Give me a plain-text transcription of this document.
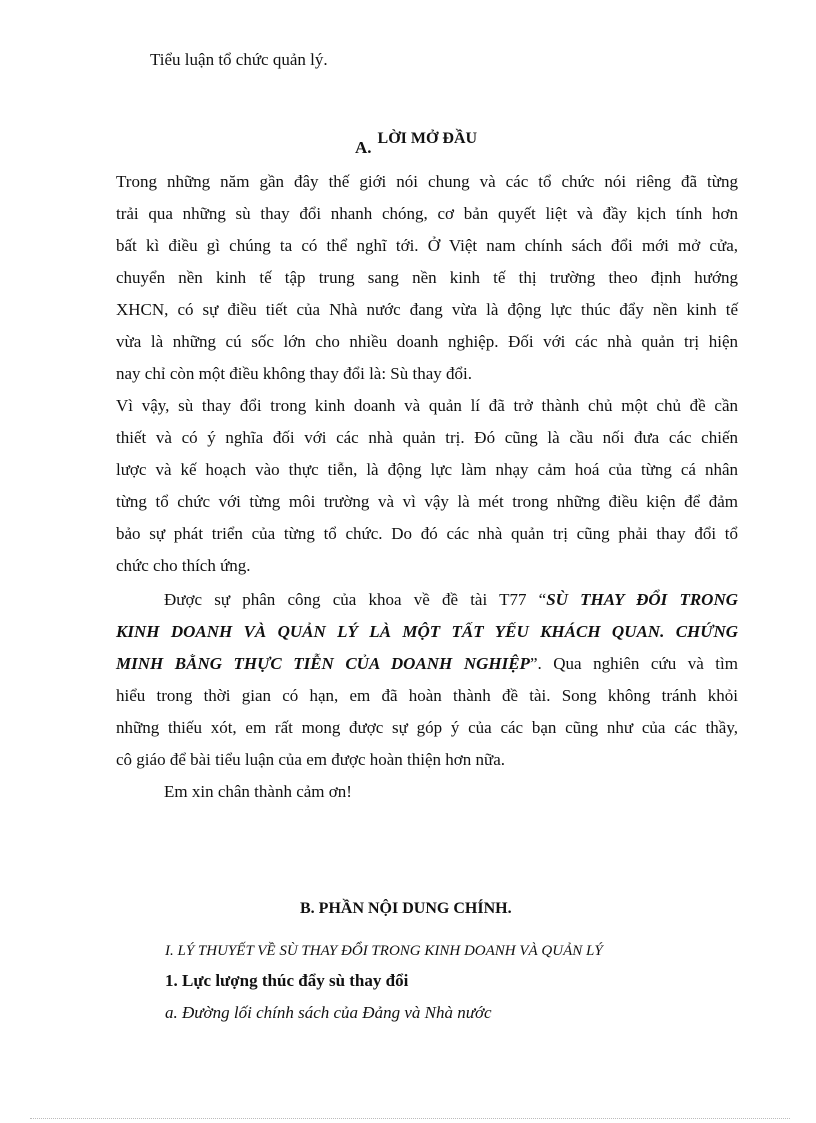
Tiểu luận tổ chức quản lý.
A. LỜI MỞ ĐẦU
Trong những năm gần đây thế giới nói chung và các tổ chức nói riêng đã từng
trải qua những sù thay đổi nhanh chóng, cơ bản quyết liệt và đầy kịch tính hơn
bất kì điều gì chúng ta có thể nghĩ tới. Ở Việt nam chính sách đổi mới mở cửa,
chuyển nền kinh tế tập trung sang nền kinh tế thị trường theo định hướng
XHCN, có sự điều tiết của Nhà nước đang vừa là động lực thúc đẩy nền kinh tế
vừa là những cú sốc lớn cho nhiều doanh nghiệp. Đối với các nhà quản trị hiện
nay chỉ còn một điều không thay đổi là: Sù thay đổi.
Vì vậy, sù thay đổi trong kinh doanh và quản lí đã trở thành chủ một chủ đề cần
thiết và có ý nghĩa đối với các nhà quản trị. Đó cũng là cầu nối đưa các chiến
lược và kế hoạch vào thực tiễn, là động lực làm nhạy cảm hoá của từng cá nhân
từng tổ chức với từng môi trường và vì vậy là mét trong những điều kiện để đảm
bảo sự phát triển của từng tổ chức. Do đó các nhà quản trị cũng phải thay đổi tổ
chức cho thích ứng.
Được sự phân công của khoa về đề tài T77 “SÙ THAY ĐỔI TRONG
KINH DOANH VÀ QUẢN LÝ LÀ MỘT TẤT YẾU KHÁCH QUAN. CHỨNG
MINH BẰNG THỰC TIỄN CỦA DOANH NGHIỆP”. Qua nghiên cứu và tìm
hiểu trong thời gian có hạn, em đã hoàn thành đề tài. Song không tránh khỏi
những thiếu xót, em rất mong được sự góp ý của các bạn cũng như của các thầy,
cô giáo để bài tiểu luận của em được hoàn thiện hơn nữa.
Em xin chân thành cảm ơn!
B. PHẦN NỘI DUNG CHÍNH.
I. LÝ THUYẾT VỀ SÙ THAY ĐỔI TRONG KINH DOANH VÀ QUẢN LÝ
1. Lực lượng thúc đẩy sù thay đổi
a. Đường lối chính sách của Đảng và Nhà nước
